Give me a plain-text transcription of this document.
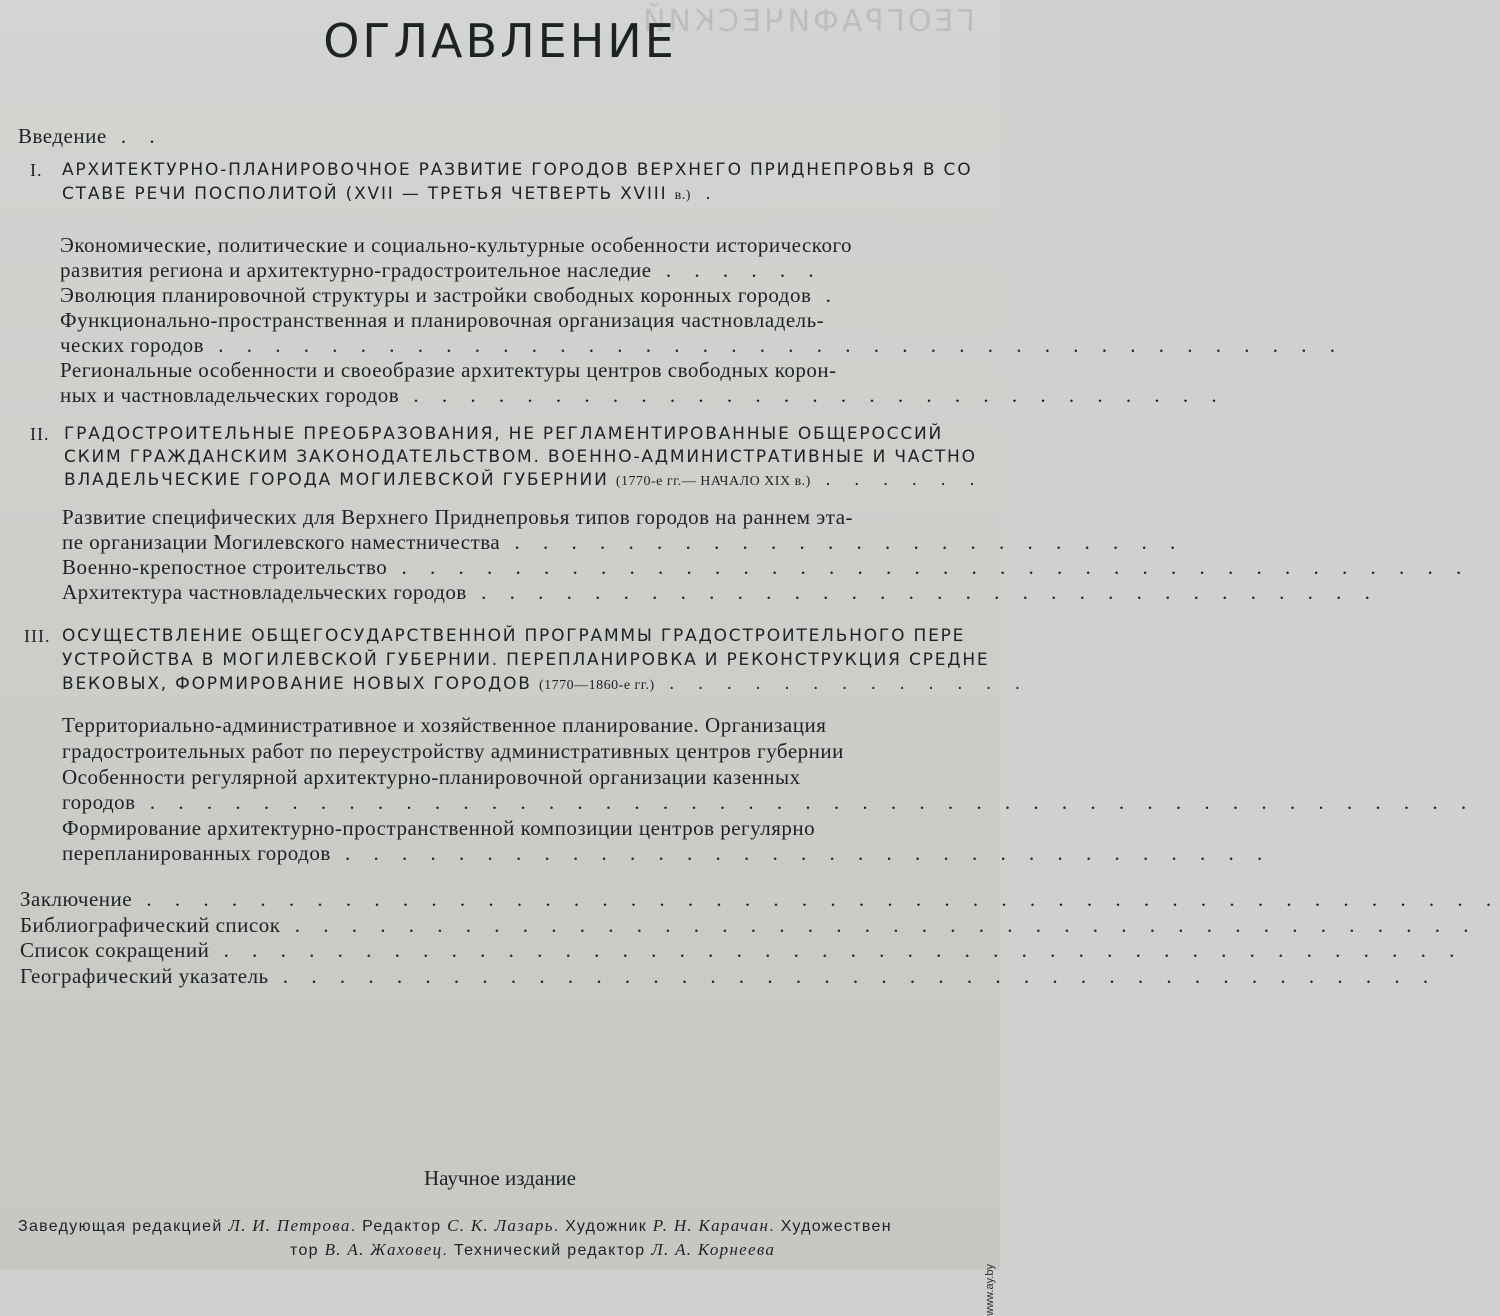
ГЕОГРАФИЧЕСКИЙ
ОГЛАВЛЕНИЕ
Введение . .
I. АРХИТЕКТУРНО-ПЛАНИРОВОЧНОЕ РАЗВИТИЕ ГОРОДОВ ВЕРХНЕГО ПРИДНЕПРОВЬЯ В СО
СТАВЕ РЕЧИ ПОСПОЛИТОЙ (XVII — ТРЕТЬЯ ЧЕТВЕРТЬ XVIII в.) .
Экономические, политические и социально-культурные особенности исторического
развития региона и архитектурно-градостроительное наследие . . . . . .
Эволюция планировочной структуры и застройки свободных коронных городов .
Функционально-пространственная и планировочная организация частновладель-
ческих городов . . . . . . . . . . . . . . . . . . . . . . . . . . . . . . . . . . . . . . . .
Региональные особенности и своеобразие архитектуры центров свободных корон-
ных и частновладельческих городов . . . . . . . . . . . . . . . . . . . . . . . . . . . . .
II. ГРАДОСТРОИТЕЛЬНЫЕ ПРЕОБРАЗОВАНИЯ, НЕ РЕГЛАМЕНТИРОВАННЫЕ ОБЩЕРОССИЙ
СКИМ ГРАЖДАНСКИМ ЗАКОНОДАТЕЛЬСТВОМ. ВОЕННО-АДМИНИСТРАТИВНЫЕ И ЧАСТНО
ВЛАДЕЛЬЧЕСКИЕ ГОРОДА МОГИЛЕВСКОЙ ГУБЕРНИИ (1770-е гг.— НАЧАЛО XIX в.) . . . . . .
Развитие специфических для Верхнего Приднепровья типов городов на раннем эта-
пе организации Могилевского наместничества . . . . . . . . . . . . . . . . . . . . . . . .
Военно-крепостное строительство . . . . . . . . . . . . . . . . . . . . . . . . . . . . . . . . . . . . . .
Архитектура частновладельческих городов . . . . . . . . . . . . . . . . . . . . . . . . . . . . . . . .
III. ОСУЩЕСТВЛЕНИЕ ОБЩЕГОСУДАРСТВЕННОЙ ПРОГРАММЫ ГРАДОСТРОИТЕЛЬНОГО ПЕРЕ
УСТРОЙСТВА В МОГИЛЕВСКОЙ ГУБЕРНИИ. ПЕРЕПЛАНИРОВКА И РЕКОНСТРУКЦИЯ СРЕДНЕ
ВЕКОВЫХ, ФОРМИРОВАНИЕ НОВЫХ ГОРОДОВ (1770—1860-е гг.) . . . . . . . . . . . . .
Территориально-административное и хозяйственное планирование. Организация
градостроительных работ по переустройству административных центров губернии
Особенности регулярной архитектурно-планировочной организации казенных
городов . . . . . . . . . . . . . . . . . . . . . . . . . . . . . . . . . . . . . . . . . . . . . . .
Формирование архитектурно-пространственной композиции центров регулярно
перепланированных городов . . . . . . . . . . . . . . . . . . . . . . . . . . . . . . . . .
Заключение . . . . . . . . . . . . . . . . . . . . . . . . . . . . . . . . . . . . . . . . . . . . . . . .
Библиографический список . . . . . . . . . . . . . . . . . . . . . . . . . . . . . . . . . . . . . . . . . .
Список сокращений . . . . . . . . . . . . . . . . . . . . . . . . . . . . . . . . . . . . . . . . . . . .
Географический указатель . . . . . . . . . . . . . . . . . . . . . . . . . . . . . . . . . . . . . . . . .
Научное издание
Заведующая редакцией Л. И. Петрова. Редактор С. К. Лазарь. Художник Р. Н. Карачан. Художествен
тор В. А. Жаховец. Технический редактор Л. А. Корнеева
www.ay.by
